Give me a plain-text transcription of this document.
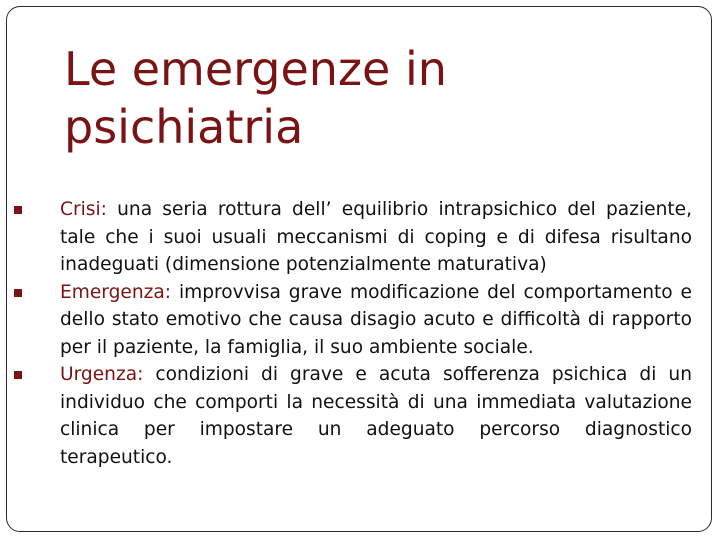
Le emergenze in psichiatria
Crisi: una seria rottura dell’ equilibrio intrapsichico del paziente, tale che i suoi usuali meccanismi di coping e di difesa risultano inadeguati (dimensione potenzialmente maturativa)
Emergenza: improvvisa grave modificazione del comportamento e dello stato emotivo che causa disagio acuto e difficoltà di rapporto per il paziente, la famiglia, il suo ambiente sociale.
Urgenza: condizioni di grave e acuta sofferenza psichica di un individuo che comporti la necessità di una immediata valutazione clinica per impostare un adeguato percorso diagnostico terapeutico.
